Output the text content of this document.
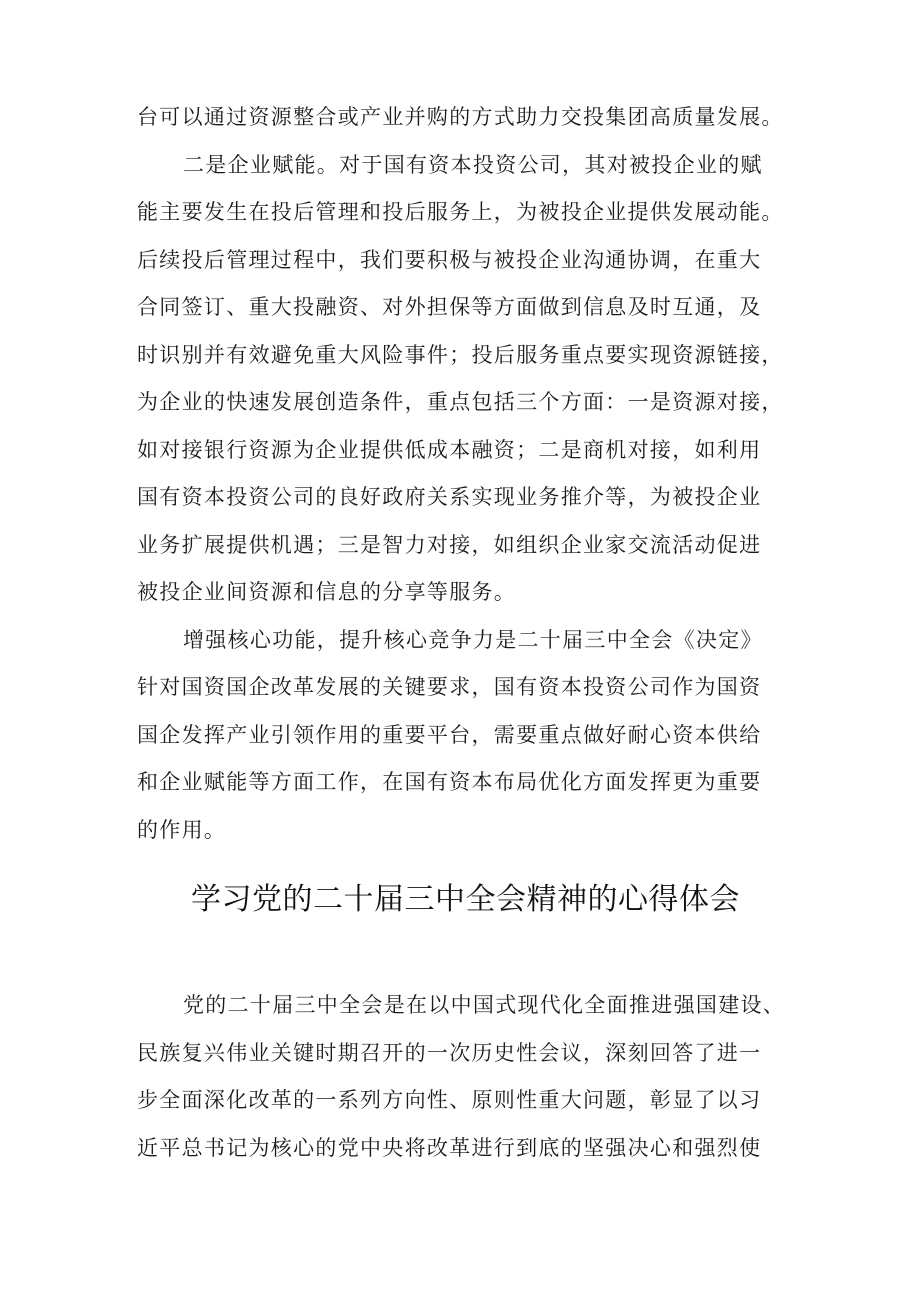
台可以通过资源整合或产业并购的方式助力交投集团高质量发展。
二是企业赋能。对于国有资本投资公司，其对被投企业的赋
能主要发生在投后管理和投后服务上，为被投企业提供发展动能。
后续投后管理过程中，我们要积极与被投企业沟通协调，在重大
合同签订、重大投融资、对外担保等方面做到信息及时互通，及
时识别并有效避免重大风险事件；投后服务重点要实现资源链接，
为企业的快速发展创造条件，重点包括三个方面：一是资源对接，
如对接银行资源为企业提供低成本融资；二是商机对接，如利用
国有资本投资公司的良好政府关系实现业务推介等，为被投企业
业务扩展提供机遇；三是智力对接，如组织企业家交流活动促进
被投企业间资源和信息的分享等服务。
增强核心功能，提升核心竞争力是二十届三中全会《决定》
针对国资国企改革发展的关键要求，国有资本投资公司作为国资
国企发挥产业引领作用的重要平台，需要重点做好耐心资本供给
和企业赋能等方面工作，在国有资本布局优化方面发挥更为重要
的作用。
学习党的二十届三中全会精神的心得体会
党的二十届三中全会是在以中国式现代化全面推进强国建设、
民族复兴伟业关键时期召开的一次历史性会议，深刻回答了进一
步全面深化改革的一系列方向性、原则性重大问题，彰显了以习
近平总书记为核心的党中央将改革进行到底的坚强决心和强烈使
